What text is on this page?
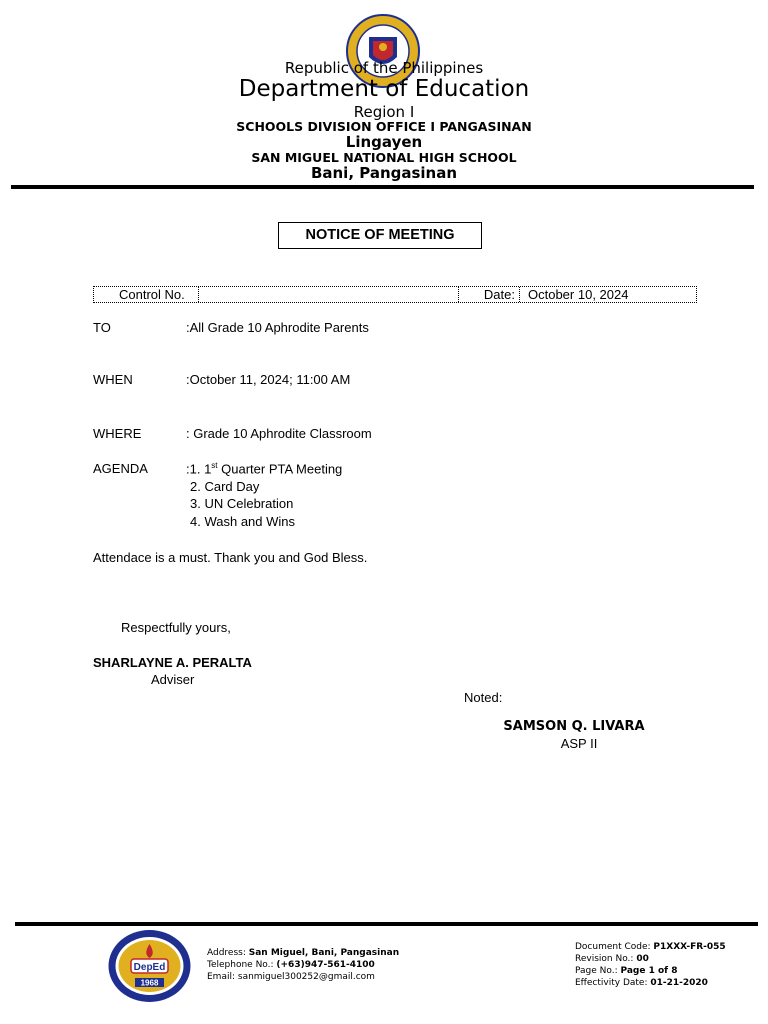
Republic of the Philippines
Department of Education
Region I
SCHOOLS DIVISION OFFICE I PANGASINAN
Lingayen
SAN MIGUEL NATIONAL HIGH SCHOOL
Bani, Pangasinan
NOTICE OF MEETING
Control No.	Date:	October 10, 2024
TO	:All Grade 10 Aphrodite Parents
WHEN	:October 11, 2024; 11:00 AM
WHERE	: Grade 10 Aphrodite Classroom
AGENDA	:1. 1st Quarter PTA Meeting
2. Card Day
3. UN Celebration
4. Wash and Wins
Attendace is a must. Thank you and God Bless.
Respectfully yours,
SHARLAYNE A. PERALTA
Adviser
Noted:
SAMSON Q. LIVARA
ASP II
DepEd
1968
Address: San Miguel, Bani, Pangasinan
Telephone No.: (+63)947-561-4100
Email: sanmiguel300252@gmail.com
Document Code: P1XXX-FR-055
Revision No.: 00
Page No.: Page 1 of 8
Effectivity Date: 01-21-2020
